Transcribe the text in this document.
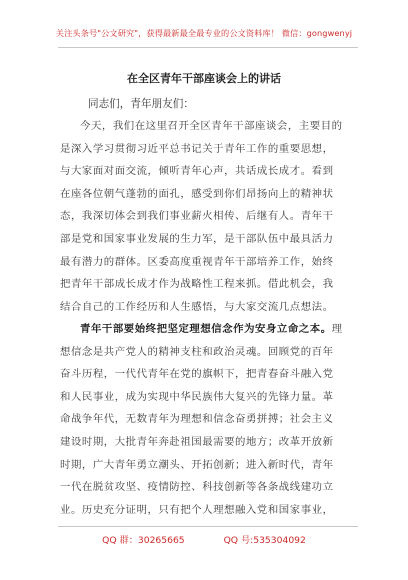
关注头条号"公文研究"，获得最新最全最专业的公文资料库！ 微信：gongwenyj
在全区青年干部座谈会上的讲话
同志们，青年朋友们：
今天，我们在这里召开全区青年干部座谈会，主要目的
是深入学习贯彻习近平总书记关于青年工作的重要思想，
与大家面对面交流，倾听青年心声，共话成长成才。看到
在座各位朝气蓬勃的面孔，感受到你们昂扬向上的精神状
态，我深切体会到我们事业薪火相传、后继有人。青年干
部是党和国家事业发展的生力军，是干部队伍中最具活力
最有潜力的群体。区委高度重视青年干部培养工作，始终
把青年干部成长成才作为战略性工程来抓。借此机会，我
结合自己的工作经历和人生感悟，与大家交流几点想法。
青年干部要始终把坚定理想信念作为安身立命之本。理
想信念是共产党人的精神支柱和政治灵魂。回顾党的百年
奋斗历程，一代代青年在党的旗帜下，把青春奋斗融入党
和人民事业，成为实现中华民族伟大复兴的先锋力量。革
命战争年代，无数青年为理想和信念奋勇拼搏；社会主义
建设时期，大批青年奔赴祖国最需要的地方；改革开放新
时期，广大青年勇立潮头、开拓创新；进入新时代，青年
一代在脱贫攻坚、疫情防控、科技创新等各条战线建功立
业。历史充分证明，只有把个人理想融入党和国家事业，
QQ 群：30265665	QQ 号:535304092
